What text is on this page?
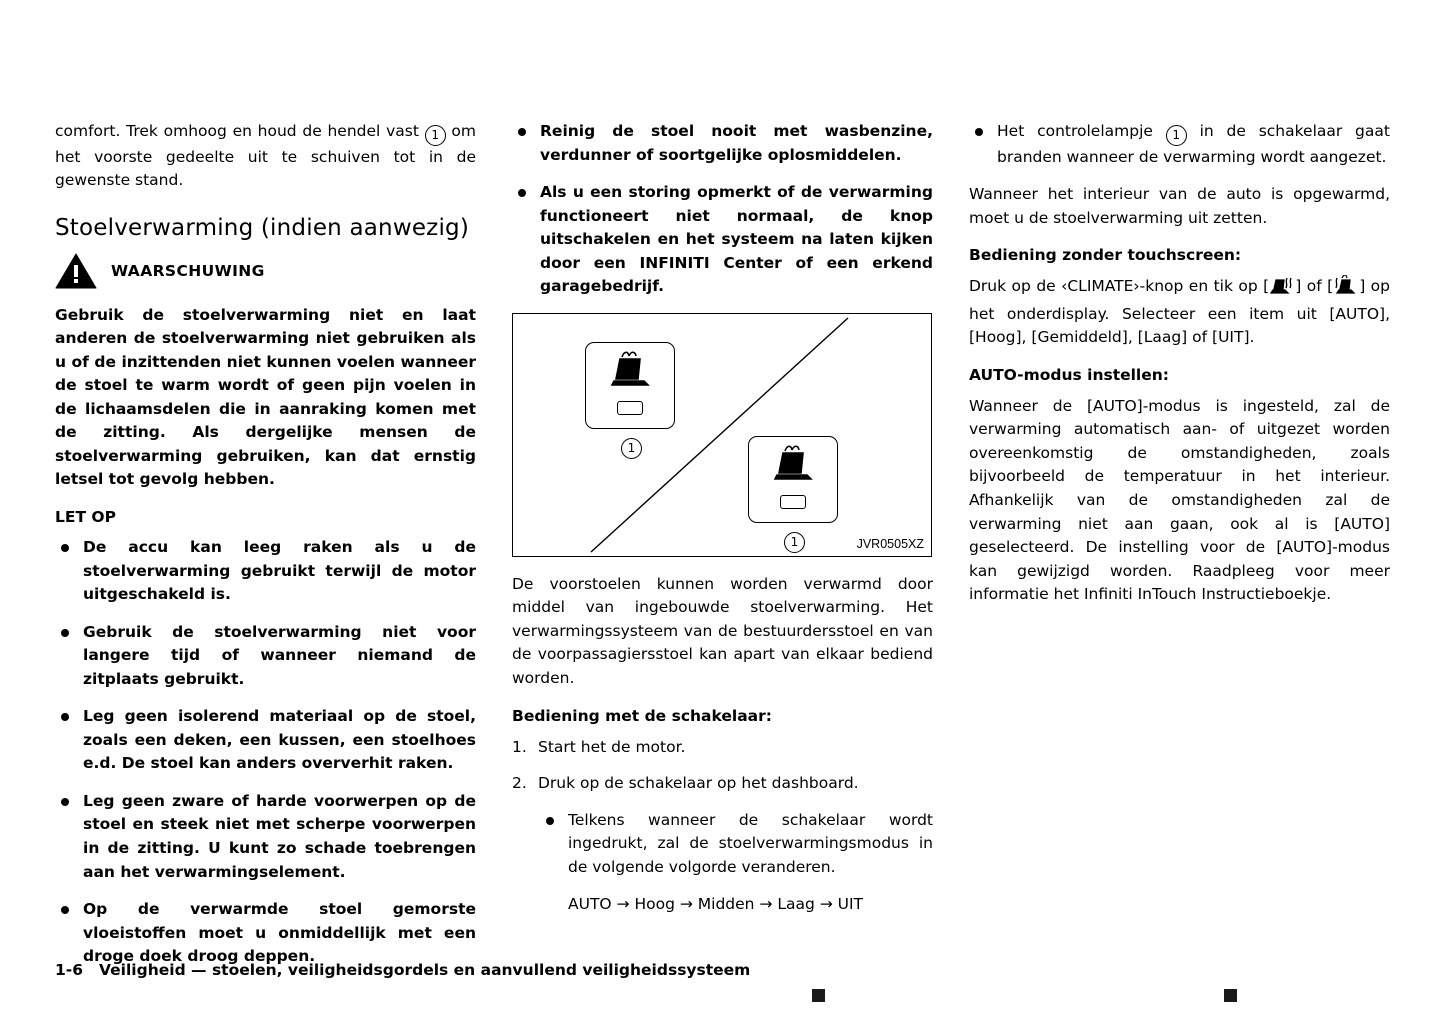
comfort. Trek omhoog en houd de hendel vast 1 om het voorste gedeelte uit te schuiven tot in de gewenste stand.

Stoelverwarming (indien aanwezig)
WAARSCHUWING

Gebruik de stoelverwarming niet en laat anderen de stoelverwarming niet gebruiken als u of de inzittenden niet kunnen voelen wanneer de stoel te warm wordt of geen pijn voelen in de lichaamsdelen die in aanraking komen met de zitting. Als dergelijke mensen de stoelverwarming gebruiken, kan dat ernstig letsel tot gevolg hebben.

LET OP
De accu kan leeg raken als u de stoelverwarming gebruikt terwijl de motor uitgeschakeld is.
Gebruik de stoelverwarming niet voor langere tijd of wanneer niemand de zitplaats gebruikt.
Leg geen isolerend materiaal op de stoel, zoals een deken, een kussen, een stoelhoes e.d. De stoel kan anders oververhit raken.
Leg geen zware of harde voorwerpen op de stoel en steek niet met scherpe voorwerpen in de zitting. U kunt zo schade toebrengen aan het verwarmingselement.
Op de verwarmde stoel gemorste vloeistoffen moet u onmiddellijk met een droge doek droog deppen.
Reinig de stoel nooit met wasbenzine, verdunner of soortgelijke oplosmiddelen.
Als u een storing opmerkt of de verwarming functioneert niet normaal, de knop uitschakelen en het systeem na laten kijken door een INFINITI Center of een erkend garagebedrijf.
1
1	JVR0505XZ

De voorstoelen kunnen worden verwarmd door middel van ingebouwde stoelverwarming. Het verwarmingssysteem van de bestuurdersstoel en van de voorpassagiersstoel kan apart van elkaar bediend worden.

Bediening met de schakelaar:
1. Start het de motor.
2. Druk op de schakelaar op het dashboard.
Telkens wanneer de schakelaar wordt ingedrukt, zal de stoelverwarmingsmodus in de volgende volgorde veranderen.

AUTO → Hoog → Midden → Laag → UIT

Het controlelampje 1 in de schakelaar gaat branden wanneer de verwarming wordt aangezet.

Wanneer het interieur van de auto is opgewarmd, moet u de stoelverwarming uit zetten.

Bediening zonder touchscreen:

Druk op de ‹CLIMATE›-knop en tik op [ ] of [ ] op het onderdisplay. Selecteer een item uit [AUTO], [Hoog], [Gemiddeld], [Laag] of [UIT].

AUTO-modus instellen:

Wanneer de [AUTO]-modus is ingesteld, zal de verwarming automatisch aan- of uitgezet worden overeenkomstig de omstandigheden, zoals bijvoorbeeld de temperatuur in het interieur. Afhankelijk van de omstandigheden zal de verwarming niet aan gaan, ook al is [AUTO] geselecteerd. De instelling voor de [AUTO]-modus kan gewijzigd worden. Raadpleeg voor meer informatie het Infiniti InTouch Instructieboekje.

1-6 Veiligheid — stoelen, veiligheidsgordels en aanvullend veiligheidssysteem
